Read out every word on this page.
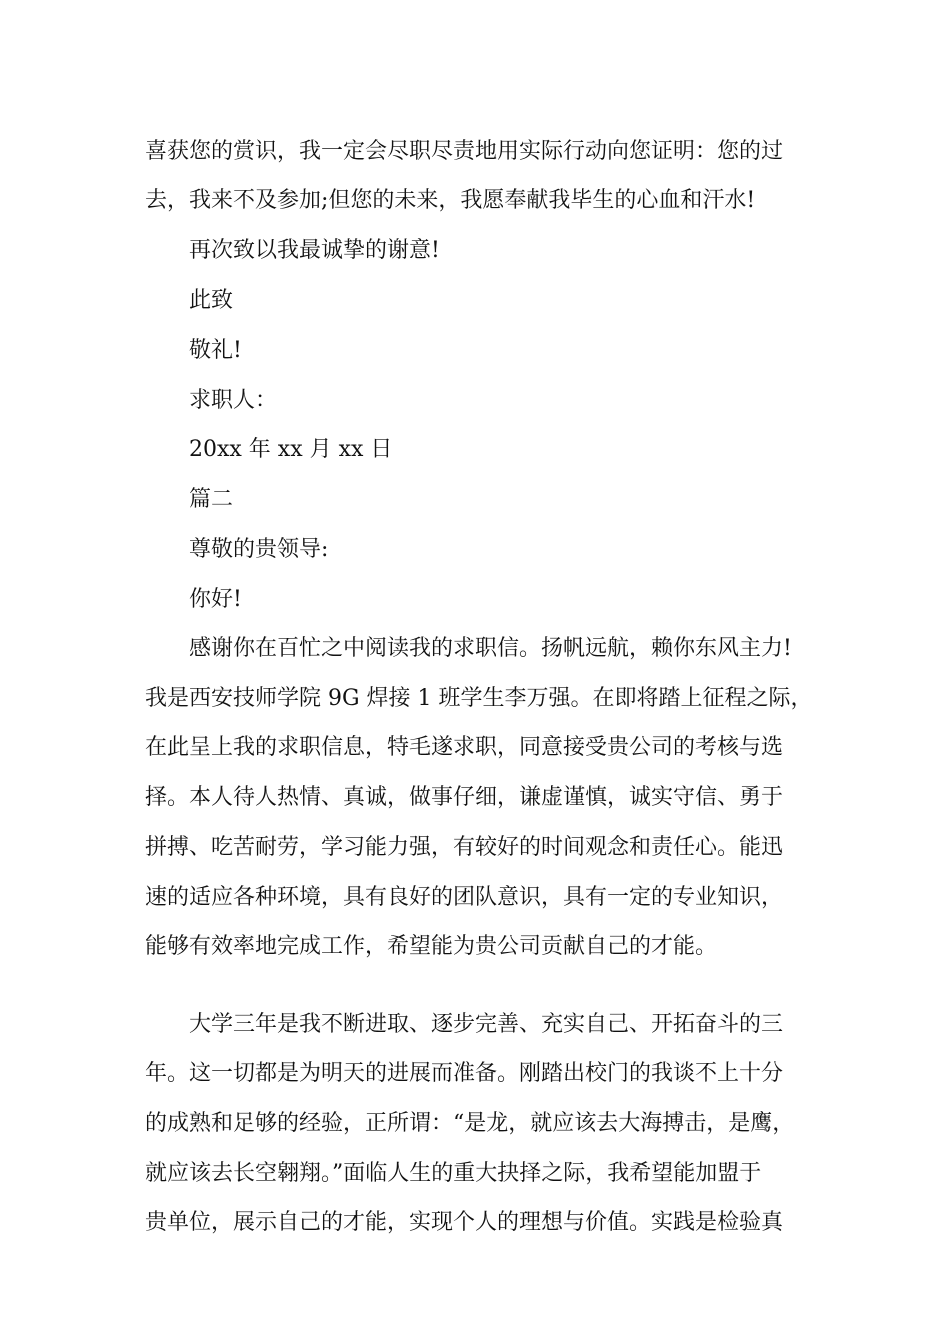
喜获您的赏识，我一定会尽职尽责地用实际行动向您证明：您的过
去，我来不及参加;但您的未来，我愿奉献我毕生的心血和汗水!
再次致以我最诚挚的谢意!
此致
敬礼!
求职人：
20xx 年 xx 月 xx 日
篇二
尊敬的贵领导:
你好!
感谢你在百忙之中阅读我的求职信。扬帆远航，赖你东风主力!
我是西安技师学院 9G 焊接 1 班学生李万强。在即将踏上征程之际，
在此呈上我的求职信息，特毛遂求职，同意接受贵公司的考核与选
择。本人待人热情、真诚，做事仔细，谦虚谨慎，诚实守信、勇于
拼搏、吃苦耐劳，学习能力强，有较好的时间观念和责任心。能迅
速的适应各种环境，具有良好的团队意识，具有一定的专业知识，
能够有效率地完成工作，希望能为贵公司贡献自己的才能。
大学三年是我不断进取、逐步完善、充实自己、开拓奋斗的三
年。这一切都是为明天的进展而准备。刚踏出校门的我谈不上十分
的成熟和足够的经验，正所谓：“是龙，就应该去大海搏击，是鹰，
就应该去长空翱翔。”面临人生的重大抉择之际，我希望能加盟于
贵单位，展示自己的才能，实现个人的理想与价值。实践是检验真
